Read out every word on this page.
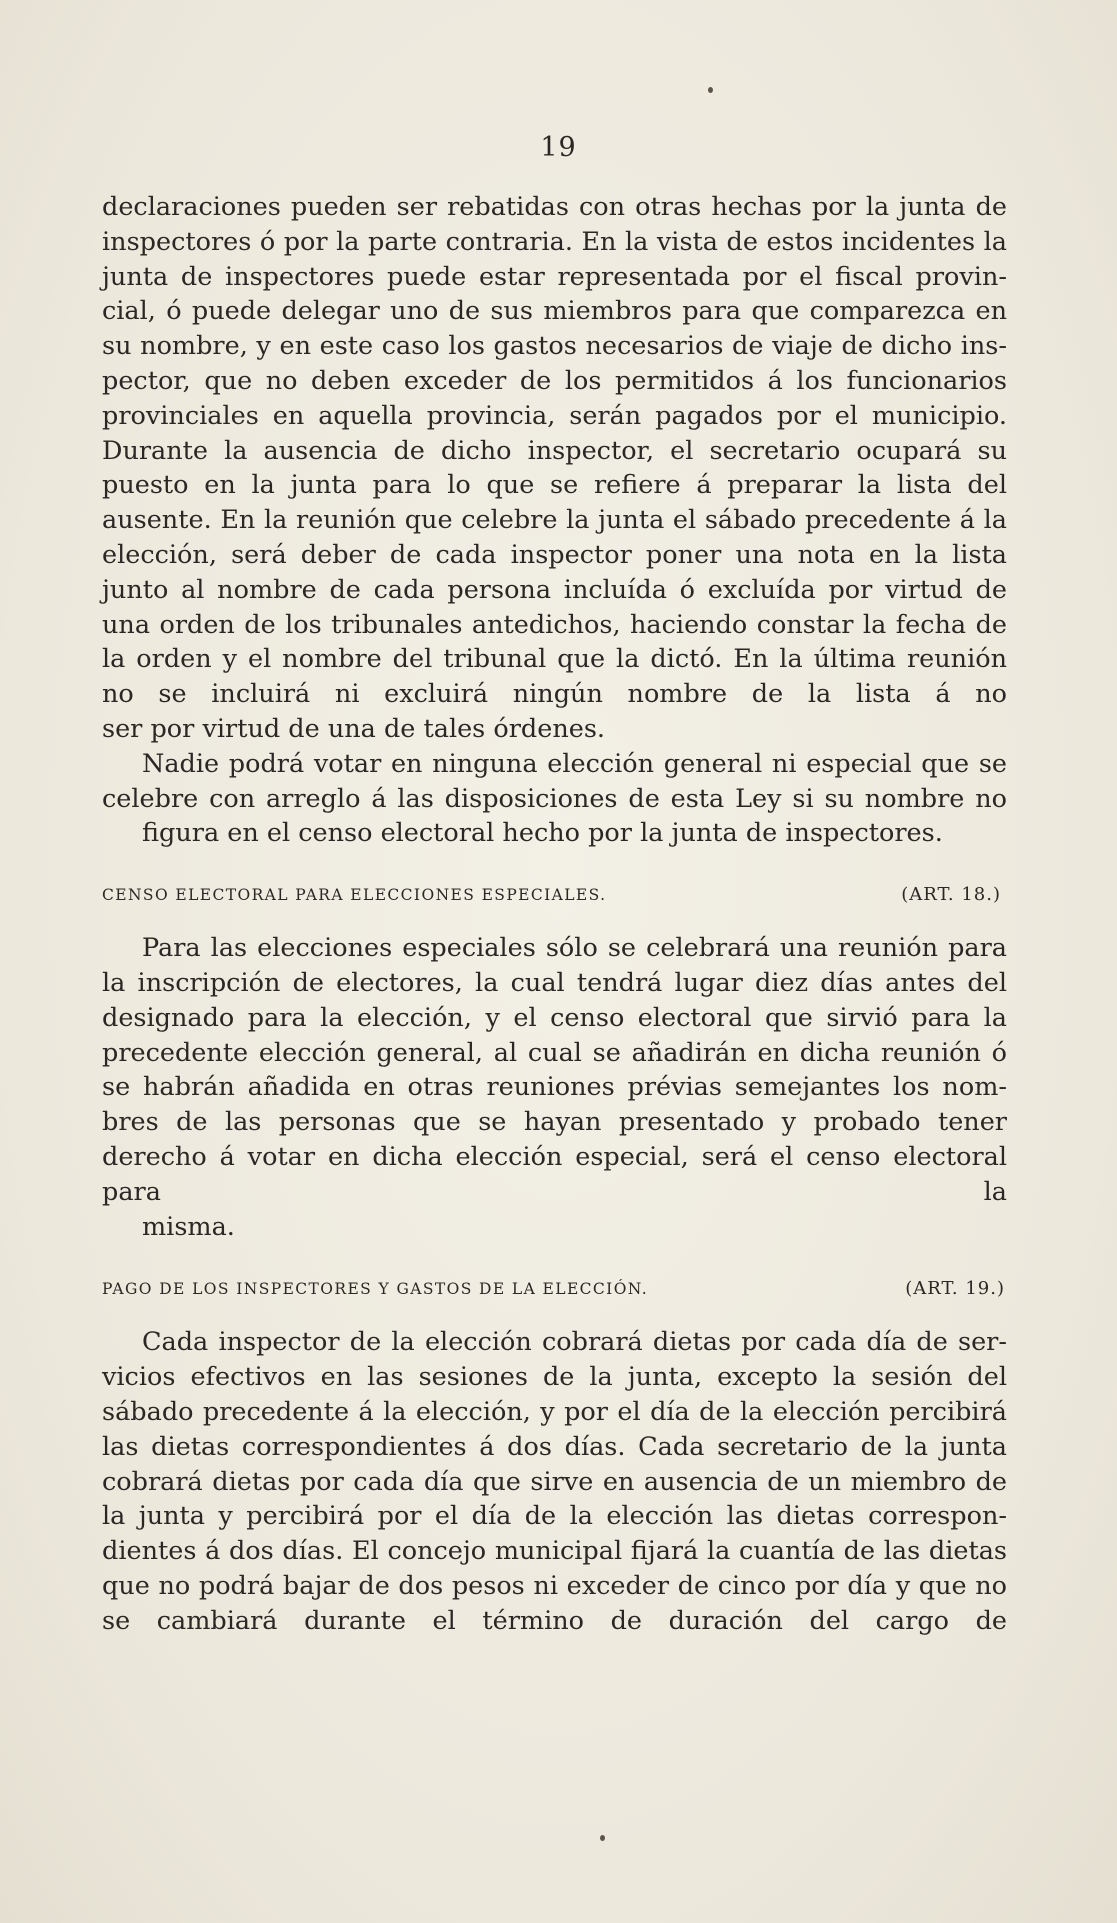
19

declaraciones pueden ser rebatidas con otras hechas por la junta de inspectores ó por la parte contraria. En la vista de estos incidentes la junta de inspectores puede estar representada por el fiscal provin- cial, ó puede delegar uno de sus miembros para que comparezca en su nombre, y en este caso los gastos necesarios de viaje de dicho ins- pector, que no deben exceder de los permitidos á los funcionarios provinciales en aquella provincia, serán pagados por el municipio. Durante la ausencia de dicho inspector, el secretario ocupará su puesto en la junta para lo que se refiere á preparar la lista del ausente. En la reunión que celebre la junta el sábado precedente á la elección, será deber de cada inspector poner una nota en la lista junto al nombre de cada persona incluída ó excluída por virtud de una orden de los tribunales antedichos, haciendo constar la fecha de la orden y el nombre del tribunal que la dictó. En la última reunión no se incluirá ni excluirá ningún nombre de la lista á no
ser por virtud de una de tales órdenes.

Nadie podrá votar en ninguna elección general ni especial que se celebre con arreglo á las disposiciones de esta Ley si su nombre no
figura en el censo electoral hecho por la junta de inspectores.

CENSO ELECTORAL PARA ELECCIONES ESPECIALES.	(ART. 18.)

Para las elecciones especiales sólo se celebrará una reunión para la inscripción de electores, la cual tendrá lugar diez días antes del designado para la elección, y el censo electoral que sirvió para la precedente elección general, al cual se añadirán en dicha reunión ó se habrán añadida en otras reuniones prévias semejantes los nom- bres de las personas que se hayan presentado y probado tener derecho á votar en dicha elección especial, será el censo electoral para la
misma.

PAGO DE LOS INSPECTORES Y GASTOS DE LA ELECCIÓN.	(ART. 19.)

Cada inspector de la elección cobrará dietas por cada día de ser- vicios efectivos en las sesiones de la junta, excepto la sesión del sábado precedente á la elección, y por el día de la elección percibirá las dietas correspondientes á dos días. Cada secretario de la junta cobrará dietas por cada día que sirve en ausencia de un miembro de la junta y percibirá por el día de la elección las dietas correspon- dientes á dos días. El concejo municipal fijará la cuantía de las dietas que no podrá bajar de dos pesos ni exceder de cinco por día y que no se cambiará durante el término de duración del cargo de
